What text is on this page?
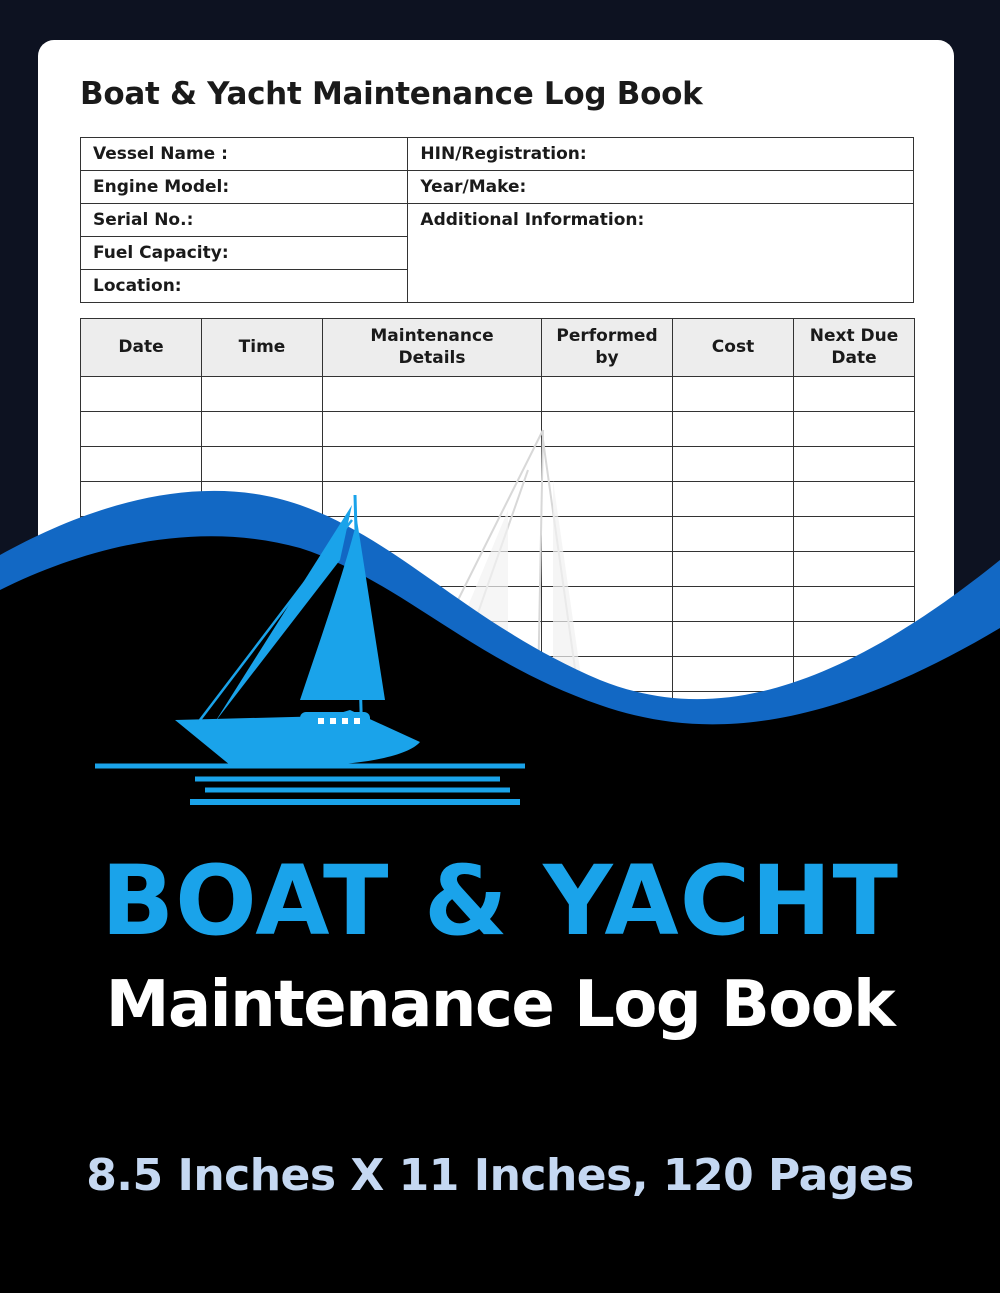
Boat & Yacht Maintenance Log Book
Vessel Name :	HIN/Registration:
Engine Model:	Year/Make:
Serial No.:	Additional Information:
Fuel Capacity:	
Location:	
Date	Time	Maintenance Details	Performed by	Cost	Next Due Date

BOAT & YACHT
Maintenance Log Book
8.5 Inches X 11 Inches, 120 Pages
